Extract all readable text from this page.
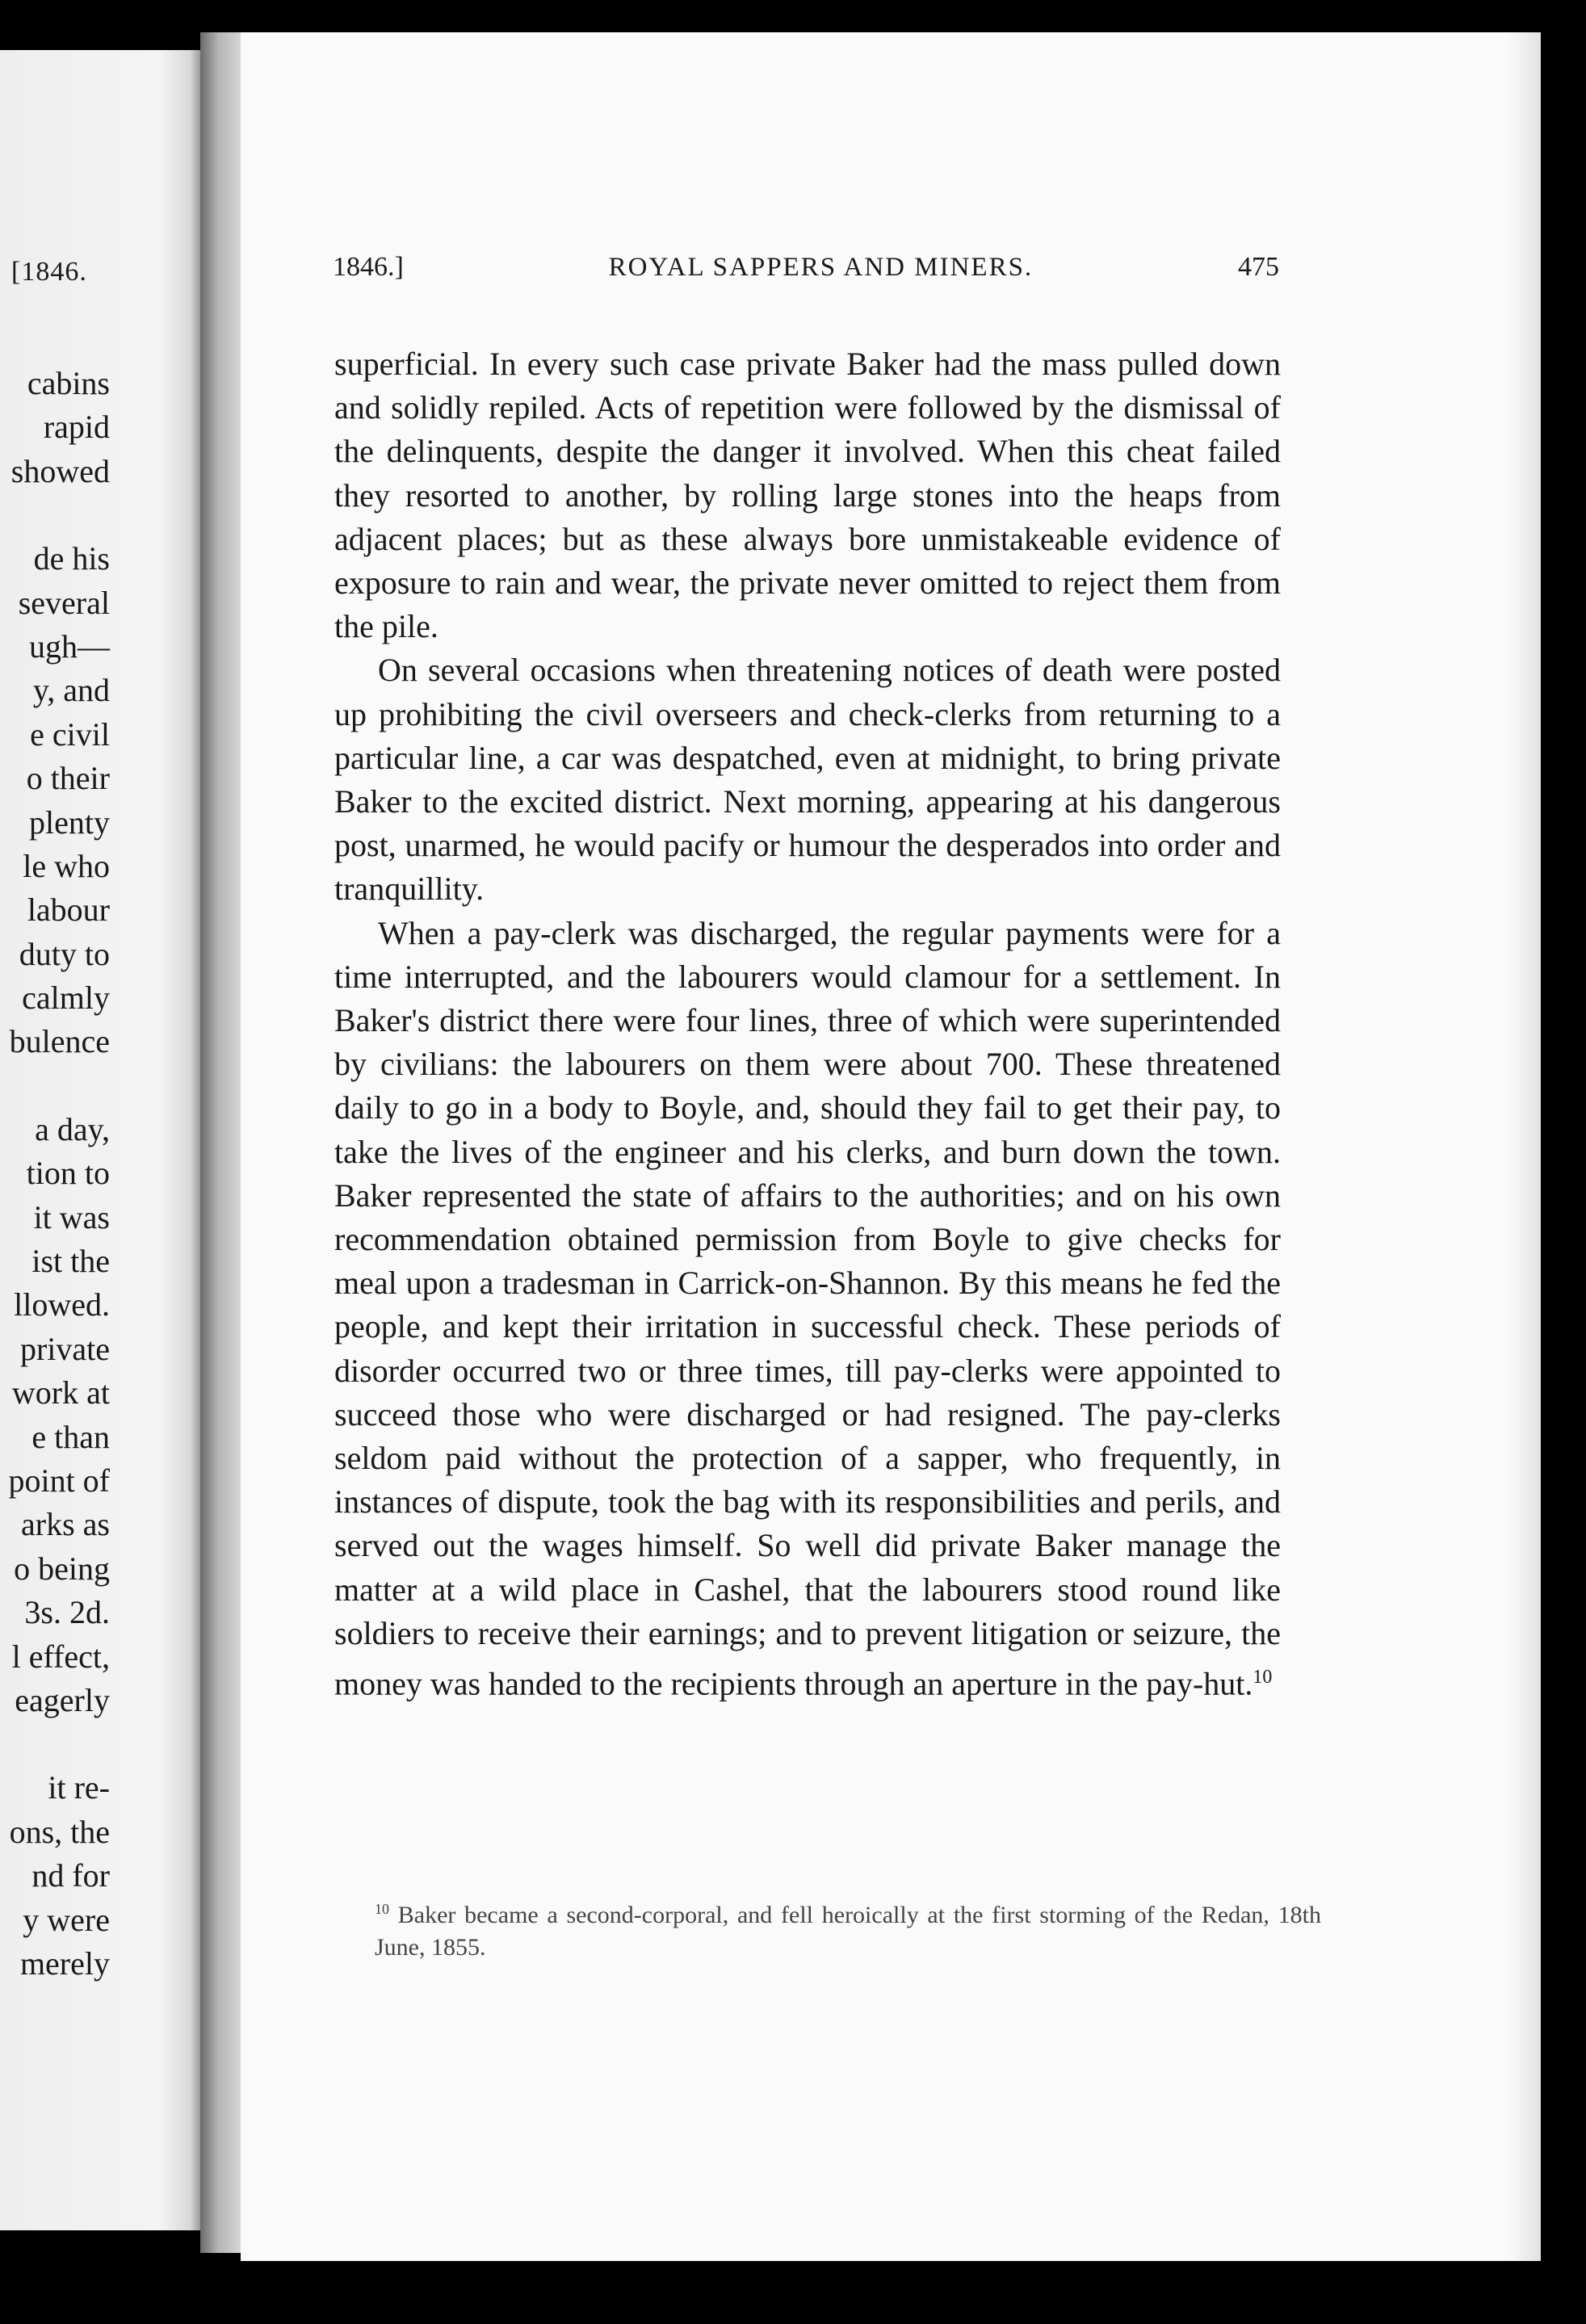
[1846.
cabins
rapid
showed
de his
several
ugh—
y, and
e civil
o their
plenty
le who
labour
duty to
calmly
bulence
a day,
tion to
it was
ist the
llowed.
private
work at
e than
point of
arks as
o being
3s. 2d.
l effect,
eagerly
it re-
ons, the
nd for
y were
merely
1846.]	ROYAL SAPPERS AND MINERS.	475

superficial. In every such case private Baker had the mass pulled down and solidly repiled. Acts of repetition were followed by the dismissal of the delinquents, despite the danger it involved. When this cheat failed they resorted to another, by rolling large stones into the heaps from adjacent places; but as these always bore unmistakeable evidence of exposure to rain and wear, the private never omitted to reject them from the pile.

On several occasions when threatening notices of death were posted up prohibiting the civil overseers and check-clerks from returning to a particular line, a car was despatched, even at midnight, to bring private Baker to the excited district. Next morning, appearing at his dangerous post, unarmed, he would pacify or humour the desperados into order and tranquillity.

When a pay-clerk was discharged, the regular payments were for a time interrupted, and the labourers would clamour for a settlement. In Baker's district there were four lines, three of which were superintended by civilians: the labourers on them were about 700. These threatened daily to go in a body to Boyle, and, should they fail to get their pay, to take the lives of the engineer and his clerks, and burn down the town. Baker represented the state of affairs to the authorities; and on his own recommendation obtained permission from Boyle to give checks for meal upon a tradesman in Carrick-on-Shannon. By this means he fed the people, and kept their irritation in successful check. These periods of disorder occurred two or three times, till pay-clerks were appointed to succeed those who were discharged or had resigned. The pay-clerks seldom paid without the protection of a sapper, who frequently, in instances of dispute, took the bag with its responsibilities and perils, and served out the wages himself. So well did private Baker manage the matter at a wild place in Cashel, that the labourers stood round like soldiers to receive their earnings; and to prevent litigation or seizure, the money was handed to the recipients through an aperture in the pay-hut.$^{10}$

$^{10}$ Baker became a second-corporal, and fell heroically at the first storming of the Redan, 18th June, 1855.
